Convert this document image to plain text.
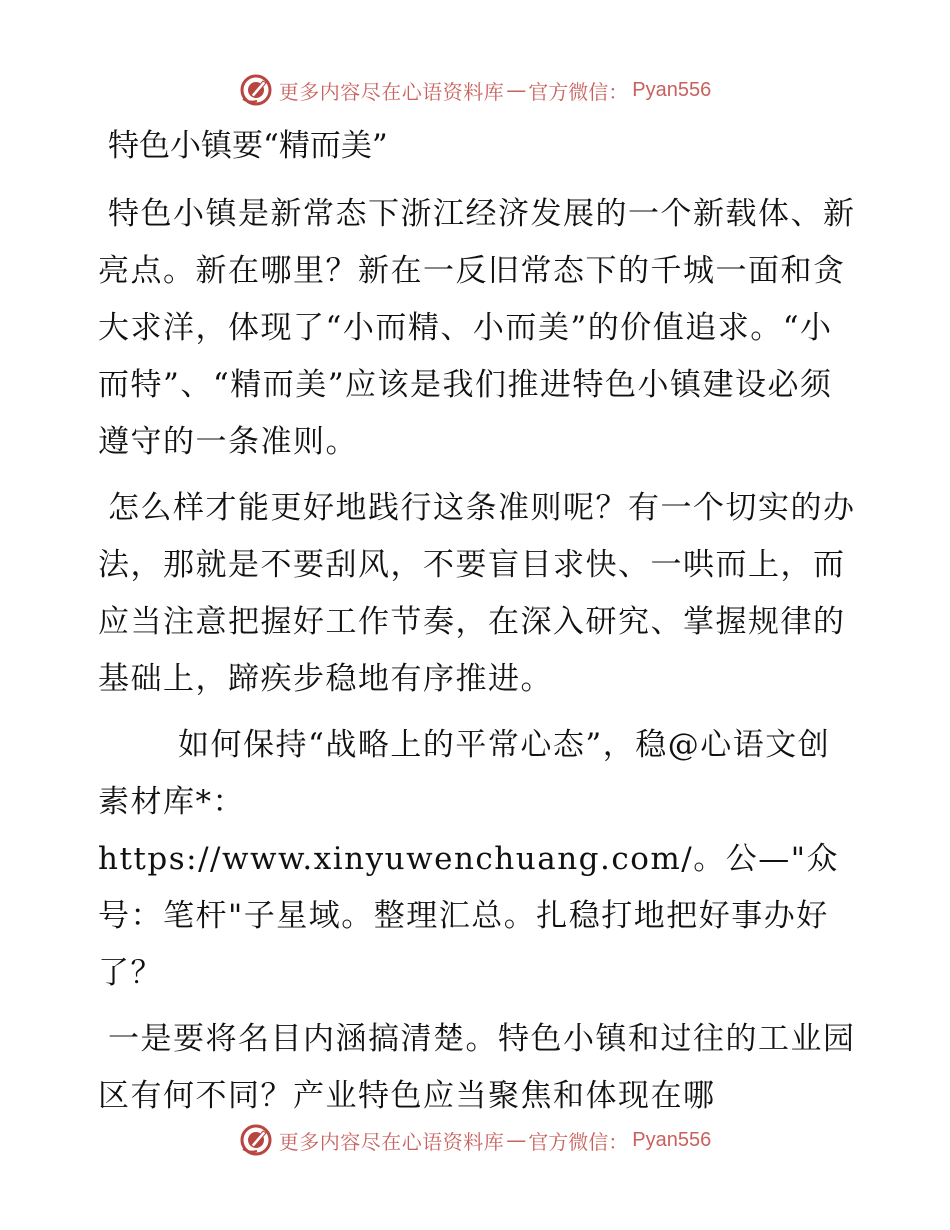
更多内容尽在心语资料库 — 官方微信 ： Pyan556
特色小镇要“精而美”

特色小镇是新常态下浙江经济发展的一个新载体、新亮点。新在哪里？新在一反旧常态下的千城一面和贪大求洋，体现了“小而精、小而美”的价值追求。“小而特”、“精而美”应该是我们推进特色小镇建设必须遵守的一条准则。

怎么样才能更好地践行这条准则呢？有一个切实的办法，那就是不要刮风，不要盲目求快、一哄而上，而应当注意把握好工作节奏，在深入研究、掌握规律的基础上，蹄疾步稳地有序推进。

如何保持“战略上的平常心态”，稳@心语文创素材库*：https://www.xinyuwenchuang.com/。公—"众号：笔杆"子星域。整理汇总。扎稳打地把好事办好了？

一是要将名目内涵搞清楚。特色小镇和过往的工业园区有何不同？产业特色应当聚焦和体现在哪

更多内容尽在心语资料库 — 官方微信 ： Pyan556
